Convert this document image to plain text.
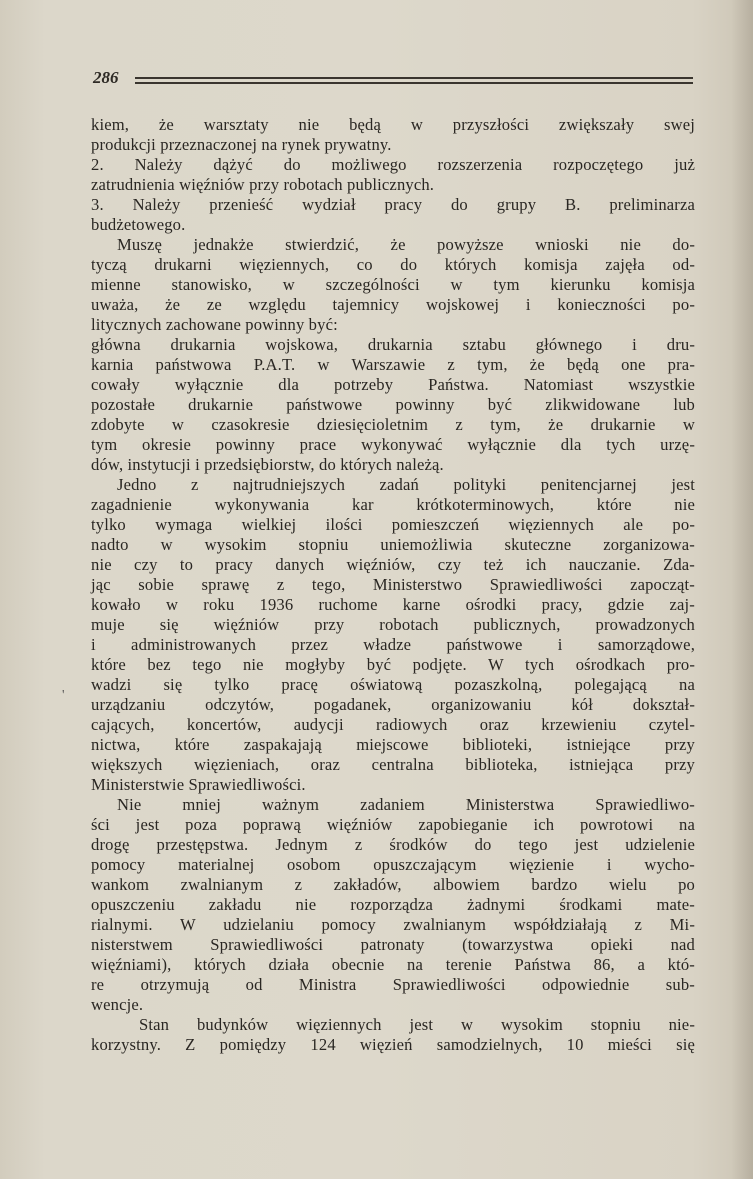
286
'
kiem, że warsztaty nie będą w przyszłości zwiększały swej
produkcji przeznaczonej na rynek prywatny.
2. Należy dążyć do możliwego rozszerzenia rozpoczętego już
zatrudnienia więźniów przy robotach publicznych.
3. Należy przenieść wydział pracy do grupy B. preliminarza
budżetowego.
Muszę jednakże stwierdzić, że powyższe wnioski nie do-
tyczą drukarni więziennych, co do których komisja zajęła od-
mienne stanowisko, w szczególności w tym kierunku komisja
uważa, że ze względu tajemnicy wojskowej i konieczności po-
litycznych zachowane powinny być:
główna drukarnia wojskowa, drukarnia sztabu głównego i dru-
karnia państwowa P.A.T. w Warszawie z tym, że będą one pra-
cowały wyłącznie dla potrzeby Państwa. Natomiast wszystkie
pozostałe drukarnie państwowe powinny być zlikwidowane lub
zdobyte w czasokresie dziesięcioletnim z tym, że drukarnie w
tym okresie powinny prace wykonywać wyłącznie dla tych urzę-
dów, instytucji i przedsiębiorstw, do których należą.
Jedno z najtrudniejszych zadań polityki penitencjarnej jest
zagadnienie wykonywania kar krótkoterminowych, które nie
tylko wymaga wielkiej ilości pomieszczeń więziennych ale po-
nadto w wysokim stopniu uniemożliwia skuteczne zorganizowa-
nie czy to pracy danych więźniów, czy też ich nauczanie. Zda-
jąc sobie sprawę z tego, Ministerstwo Sprawiedliwości zapocząt-
kowało w roku 1936 ruchome karne ośrodki pracy, gdzie zaj-
muje się więźniów przy robotach publicznych, prowadzonych
i administrowanych przez władze państwowe i samorządowe,
które bez tego nie mogłyby być podjęte. W tych ośrodkach pro-
wadzi się tylko pracę oświatową pozaszkolną, polegającą na
urządzaniu odczytów, pogadanek, organizowaniu kół dokształ-
cających, koncertów, audycji radiowych oraz krzewieniu czytel-
nictwa, które zaspakajają miejscowe biblioteki, istniejące przy
większych więzieniach, oraz centralna biblioteka, istniejąca przy
Ministerstwie Sprawiedliwości.
Nie mniej ważnym zadaniem Ministerstwa Sprawiedliwo-
ści jest poza poprawą więźniów zapobieganie ich powrotowi na
drogę przestępstwa. Jednym z środków do tego jest udzielenie
pomocy materialnej osobom opuszczającym więzienie i wycho-
wankom zwalnianym z zakładów, albowiem bardzo wielu po
opuszczeniu zakładu nie rozporządza żadnymi środkami mate-
rialnymi. W udzielaniu pomocy zwalnianym współdziałają z Mi-
nisterstwem Sprawiedliwości patronaty (towarzystwa opieki nad
więźniami), których działa obecnie na terenie Państwa 86, a któ-
re otrzymują od Ministra Sprawiedliwości odpowiednie sub-
wencje.
Stan budynków więziennych jest w wysokim stopniu nie-
korzystny. Z pomiędzy 124 więzień samodzielnych, 10 mieści się
